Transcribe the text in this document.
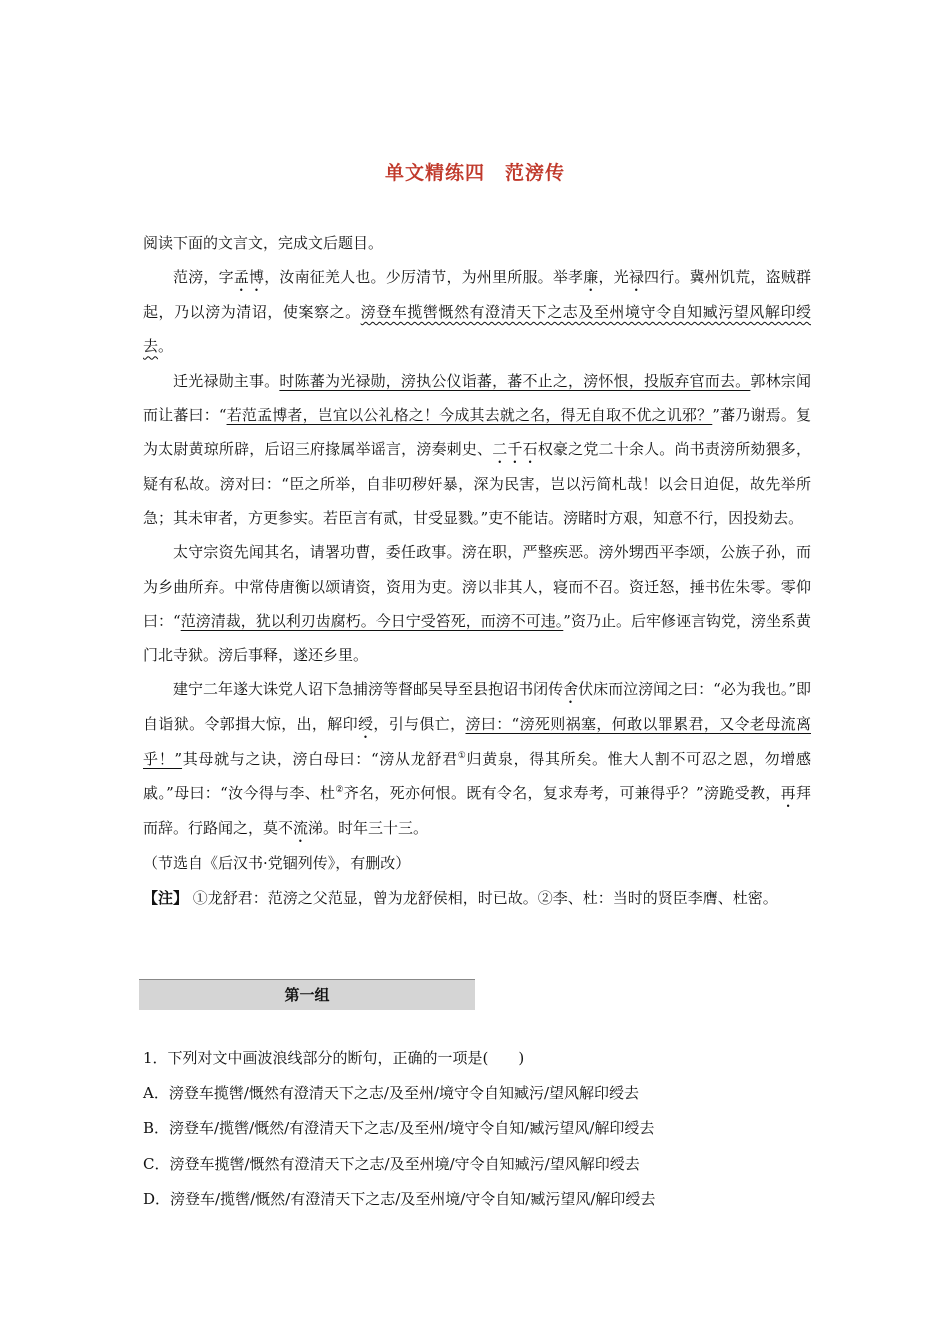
单文精练四 范滂传

阅读下面的文言文，完成文后题目。

范滂，字孟博，汝南征羌人也。少厉清节，为州里所服。举孝廉，光禄四行。冀州饥荒，盗贼群起，乃以滂为清诏，使案察之。滂登车揽辔慨然有澄清天下之志及至州境守令自知臧污望风解印绶去。

迁光禄勋主事。时陈蕃为光禄勋，滂执公仪诣蕃，蕃不止之，滂怀恨，投版弃官而去。郭林宗闻而让蕃曰：“若范孟博者，岂宜以公礼格之！今成其去就之名，得无自取不优之讥邪？”蕃乃谢焉。复为太尉黄琼所辟，后诏三府掾属举谣言，滂奏刺史、二千石权豪之党二十余人。尚书责滂所劾猥多，疑有私故。滂对曰：“臣之所举，自非叨秽奸暴，深为民害，岂以污简札哉！以会日迫促，故先举所急；其未审者，方更参实。若臣言有贰，甘受显戮。”吏不能诘。滂睹时方艰，知意不行，因投劾去。

太守宗资先闻其名，请署功曹，委任政事。滂在职，严整疾恶。滂外甥西平李颂，公族子孙，而为乡曲所弃。中常侍唐衡以颂请资，资用为吏。滂以非其人，寝而不召。资迁怒，捶书佐朱零。零仰曰：“范滂清裁，犹以利刃齿腐朽。今日宁受笞死，而滂不可违。”资乃止。后牢修诬言钩党，滂坐系黄门北寺狱。滂后事释，遂还乡里。

建宁二年遂大诛党人诏下急捕滂等督邮吴导至县抱诏书闭传舍伏床而泣滂闻之曰：“必为我也。”即自诣狱。令郭揖大惊，出，解印绶，引与俱亡，滂曰：“滂死则祸塞，何敢以罪累君，又令老母流离乎！”其母就与之诀，滂白母曰：“滂从龙舒君①归黄泉，得其所矣。惟大人割不可忍之恩，勿增感戚。”母曰：“汝今得与李、杜②齐名，死亦何恨。既有令名，复求寿考，可兼得乎？”滂跪受教，再拜而辞。行路闻之，莫不流涕。时年三十三。

（节选自《后汉书·党锢列传》，有删改）

【注】 ①龙舒君：范滂之父范显，曾为龙舒侯相，时已故。②李、杜：当时的贤臣李膺、杜密。

第一组

1．下列对文中画波浪线部分的断句，正确的一项是(　　)

A．滂登车揽辔/慨然有澄清天下之志/及至州/境守令自知臧污/望风解印绶去

B．滂登车/揽辔/慨然/有澄清天下之志/及至州/境守令自知/臧污望风/解印绶去

C．滂登车揽辔/慨然有澄清天下之志/及至州境/守令自知臧污/望风解印绶去

D．滂登车/揽辔/慨然/有澄清天下之志/及至州境/守令自知/臧污望风/解印绶去
